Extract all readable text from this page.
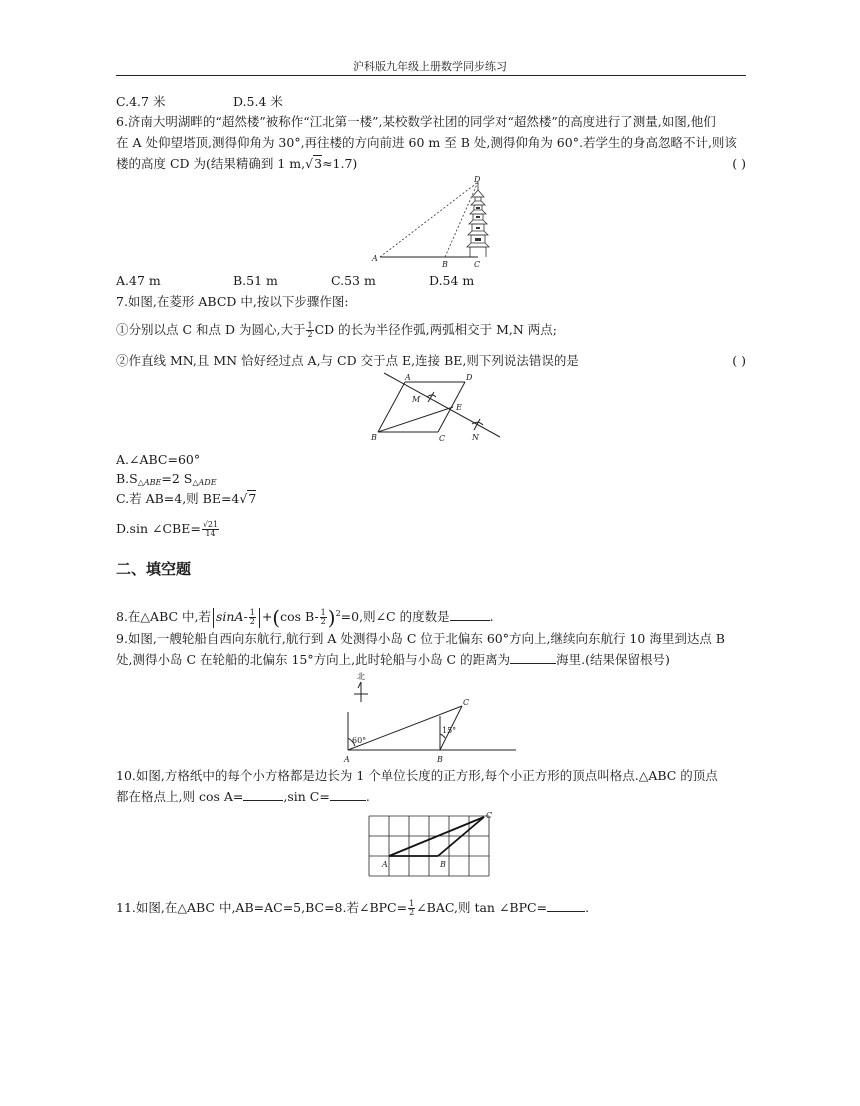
沪科版九年级上册数学同步练习
C.4.7 米	D.5.4 米
6.济南大明湖畔的“超然楼”被称作“江北第一楼”,某校数学社团的同学对“超然楼”的高度进行了测量,如图,他们
在 A 处仰望塔顶,测得仰角为 30°,再往楼的方向前进 60 m 至 B 处,测得仰角为 60°.若学生的身高忽略不计,则该
楼的高度 CD 为(结果精确到 1 m,√3≈1.7)	( )
A
B	C
D
A.47 m	B.51 m	C.53 m	D.54 m
7.如图,在菱形 ABCD 中,按以下步骤作图:
①分别以点 C 和点 D 为圆心,大于 $\frac{1}{2}$ CD 的长为半径作弧,两弧相交于 M,N 两点;
②作直线 MN,且 MN 恰好经过点 A,与 CD 交于点 E,连接 BE,则下列说法错误的是	( )
A	D
B	C
M
E
N
A.∠ABC=60°
$B.S_{\triangle ABE}=2$ $S_{\triangle ADE}$
C.若 AB=4,则 BE=4√7
D.sin ∠CBE= $\frac{√21}{14}$
二、填空题
8.在△ABC 中,若 $\sin A- \frac{1}{2} +(\cos$ $B- \frac{1}{2} )^2=0$,则∠C 的度数是	.
9.如图,一艘轮船自西向东航行,航行到 A 处测得小岛 C 位于北偏东 60°方向上,继续向东航行 10 海里到达点 B
处,测得小岛 C 在轮船的北偏东 15°方向上,此时轮船与小岛 C 的距离为	海里.(结果保留根号)
北
60°
15°
A	B
C
10.如图,方格纸中的每个小方格都是边长为 1 个单位长度的正方形,每个小正方形的顶点叫格点.△ABC 的顶点
都在格点上,则 cos A=	,sin C=	.
A	B
C
11.如图,在△ABC 中,AB=AC=5,BC=8.若∠BPC= $\frac{1}{2}$ ∠BAC,则 tan ∠BPC=	.
